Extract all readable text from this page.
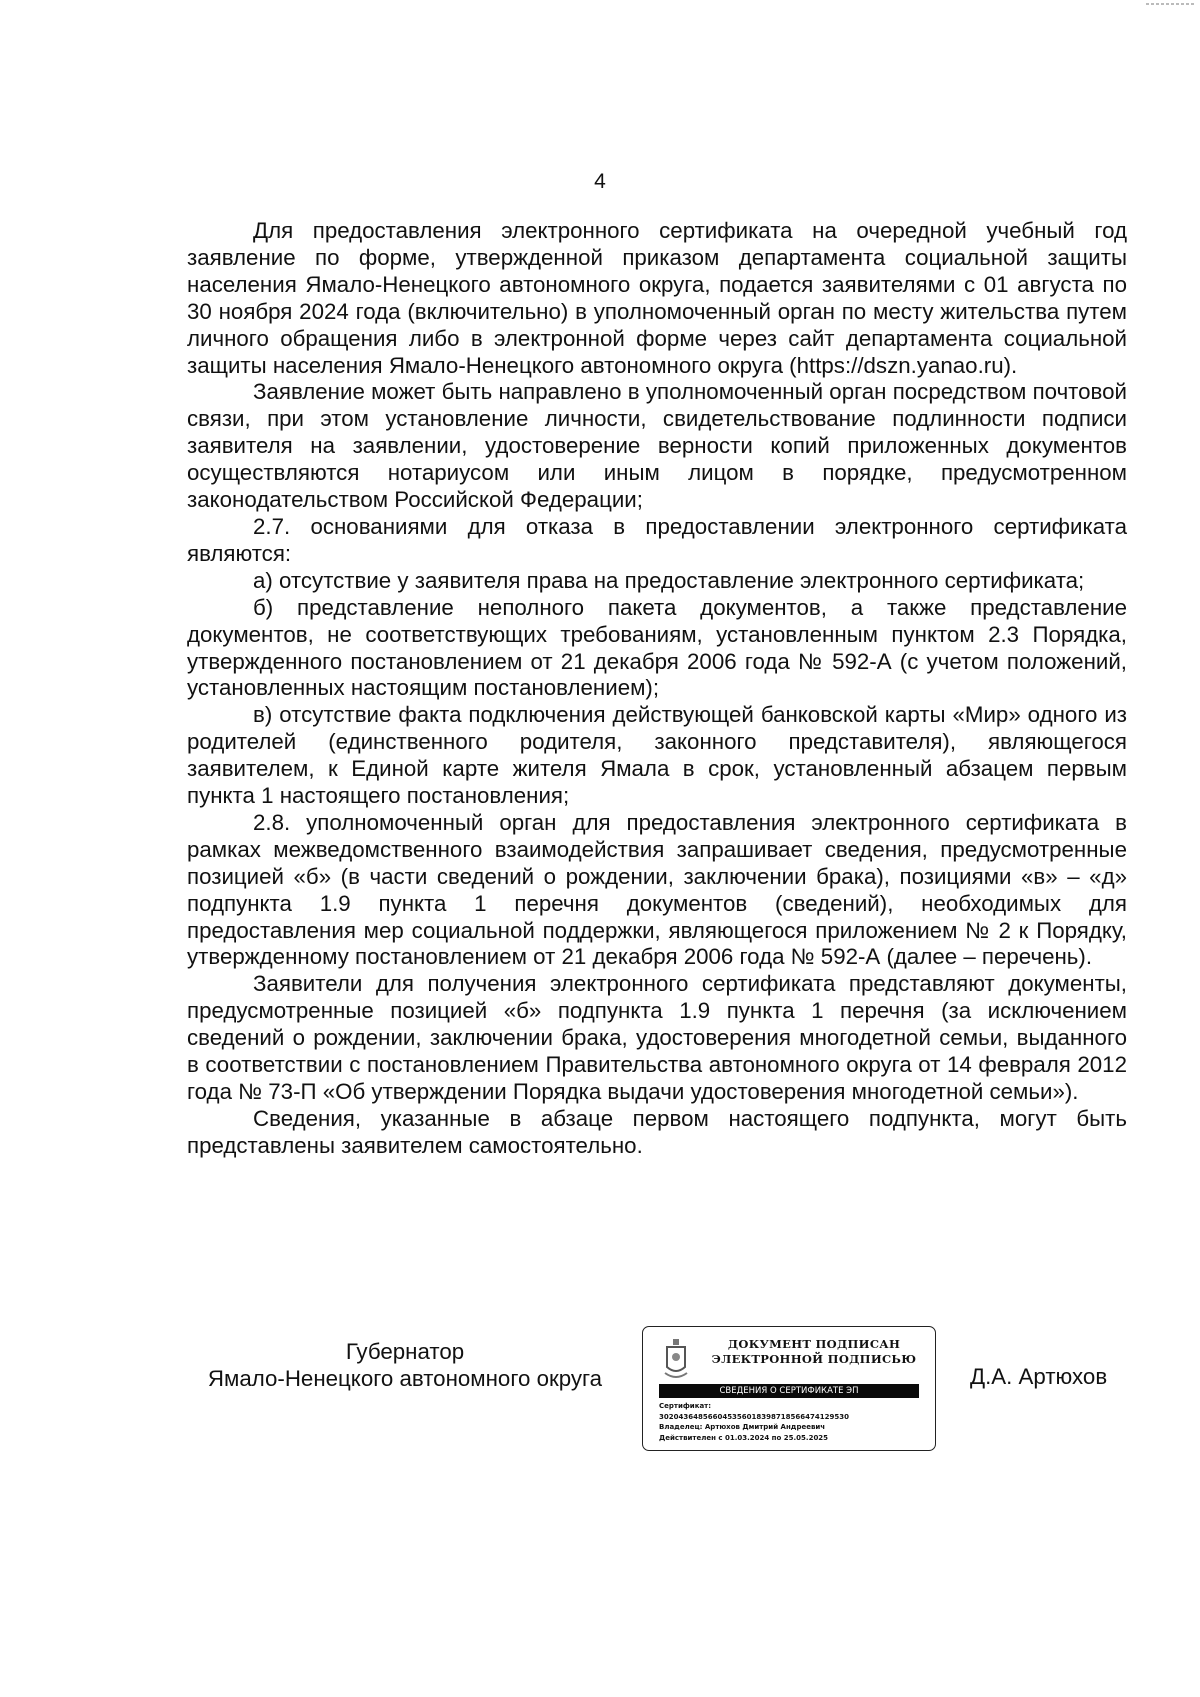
4

Для предоставления электронного сертификата на очередной учебный год заявление по форме, утвержденной приказом департамента социальной защиты населения Ямало-Ненецкого автономного округа, подается заявителями с 01 августа по 30 ноября 2024 года (включительно) в уполномоченный орган по месту жительства путем личного обращения либо в электронной форме через сайт департамента социальной защиты населения Ямало-Ненецкого автономного округа (https://dszn.yanao.ru).

Заявление может быть направлено в уполномоченный орган посредством почтовой связи, при этом установление личности, свидетельствование подлинности подписи заявителя на заявлении, удостоверение верности копий приложенных документов осуществляются нотариусом или иным лицом в порядке, предусмотренном законодательством Российской Федерации;

2.7. основаниями для отказа в предоставлении электронного сертификата являются:

а) отсутствие у заявителя права на предоставление электронного сертификата;

б) представление неполного пакета документов, а также представление документов, не соответствующих требованиям, установленным пунктом 2.3 Порядка, утвержденного постановлением от 21 декабря 2006 года № 592-А (с учетом положений, установленных настоящим постановлением);

в) отсутствие факта подключения действующей банковской карты «Мир» одного из родителей (единственного родителя, законного представителя), являющегося заявителем, к Единой карте жителя Ямала в срок, установленный абзацем первым пункта 1 настоящего постановления;

2.8. уполномоченный орган для предоставления электронного сертификата в рамках межведомственного взаимодействия запрашивает сведения, предусмотренные позицией «б» (в части сведений о рождении, заключении брака), позициями «в» – «д» подпункта 1.9 пункта 1 перечня документов (сведений), необходимых для предоставления мер социальной поддержки, являющегося приложением № 2 к Порядку, утвержденному постановлением от 21 декабря 2006 года № 592-А (далее – перечень).

Заявители для получения электронного сертификата представляют документы, предусмотренные позицией «б» подпункта 1.9 пункта 1 перечня (за исключением сведений о рождении, заключении брака, удостоверения многодетной семьи, выданного в соответствии с постановлением Правительства автономного округа от 14 февраля 2012 года № 73-П «Об утверждении Порядка выдачи удостоверения многодетной семьи»).

Сведения, указанные в абзаце первом настоящего подпункта, могут быть представлены заявителем самостоятельно.

Губернатор
Ямало-Ненецкого автономного округа
ДОКУМЕНТ ПОДПИСАН
ЭЛЕКТРОННОЙ ПОДПИСЬЮ
СВЕДЕНИЯ О СЕРТИФИКАТЕ ЭП
Сертификат:
3020436485660453560183987185664741295​30
Владелец: Артюхов Дмитрий Андреевич
Действителен с 01.03.2024 по 25.05.2025
Д.А. Артюхов
